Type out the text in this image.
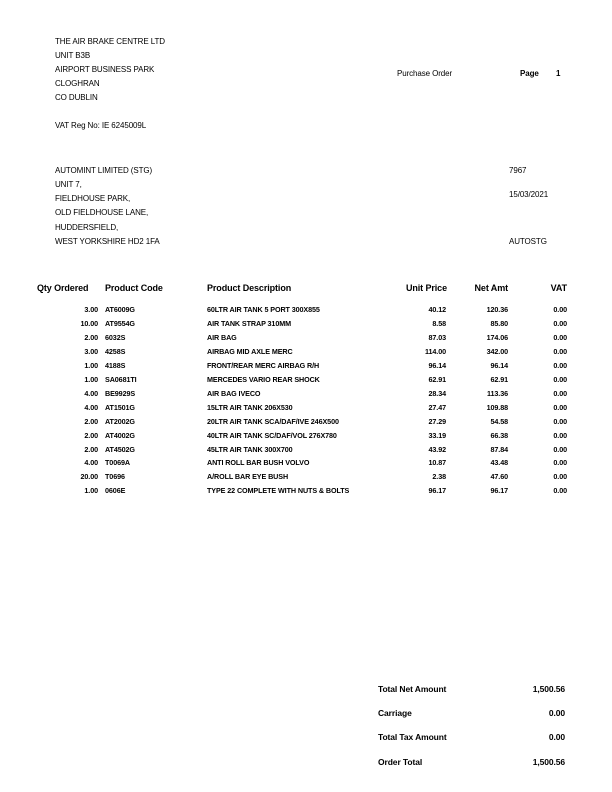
THE AIR BRAKE CENTRE LTD
UNIT B3B
AIRPORT BUSINESS PARK
CLOGHRAN
CO DUBLIN
VAT Reg No: IE 6245009L
Purchase Order	Page 1
AUTOMINT LIMITED (STG)
UNIT 7,
FIELDHOUSE PARK,
OLD FIELDHOUSE LANE,
HUDDERSFIELD,
WEST YORKSHIRE HD2 1FA
7967
15/03/2021
AUTOSTG
Qty Ordered Product Code	Product Description	Unit Price	Net Amt	VAT
3.00 AT6009G	60LTR AIR TANK 5 PORT 300X855	40.12	120.36	0.00
10.00 AT9554G	AIR TANK STRAP 310MM	8.58	85.80	0.00
2.00 6032S	AIR BAG	87.03	174.06	0.00
3.00 4258S	AIRBAG MID AXLE MERC	114.00	342.00	0.00
1.00 4188S	FRONT/REAR MERC AIRBAG R/H	96.14	96.14	0.00
1.00 SA0681TI	MERCEDES VARIO REAR SHOCK	62.91	62.91	0.00
4.00 BE9929S	AIR BAG IVECO	28.34	113.36	0.00
4.00 AT1501G	15LTR AIR TANK 206X530	27.47	109.88	0.00
2.00 AT2002G	20LTR AIR TANK SCA/DAF/IVE 246X500	27.29	54.58	0.00
2.00 AT4002G	40LTR AIR TANK SC/DAF/VOL 276X780	33.19	66.38	0.00
2.00 AT4502G	45LTR AIR TANK 300X700	43.92	87.84	0.00
4.00 T0069A	ANTI ROLL BAR BUSH VOLVO	10.87	43.48	0.00
20.00 T0696	A/ROLL BAR EYE BUSH	2.38	47.60	0.00
1.00 0606E	TYPE 22 COMPLETE WITH NUTS & BOLTS	96.17	96.17	0.00
Total Net Amount	1,500.56
Carriage	0.00
Total Tax Amount	0.00
Order Total	1,500.56
